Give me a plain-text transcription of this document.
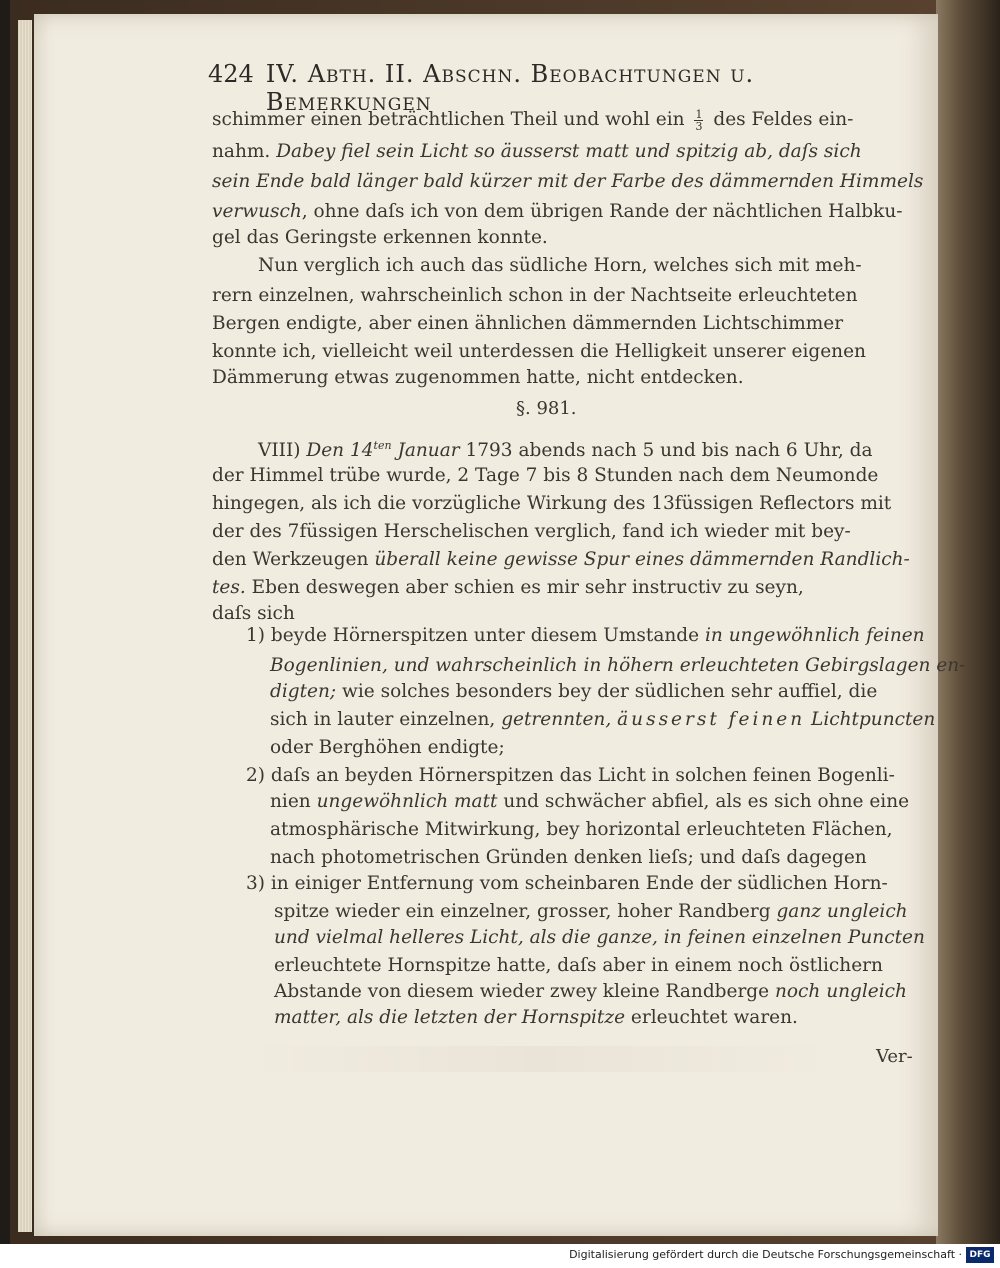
424 IV. Abth. II. Abschn. Beobachtungen u. Bemerkungen
schimmer einen beträchtlichen Theil und wohl ein $\frac{1}{3}$ des Feldes ein-
nahm. Dabey fiel sein Licht so äusserst matt und spitzig ab, daſs sich
sein Ende bald länger bald kürzer mit der Farbe des dämmernden Himmels
verwusch, ohne daſs ich von dem übrigen Rande der nächtlichen Halbku-
gel das Geringste erkennen konnte.
Nun verglich ich auch das südliche Horn, welches sich mit meh-
rern einzelnen, wahrscheinlich schon in der Nachtseite erleuchteten
Bergen endigte, aber einen ähnlichen dämmernden Lichtschimmer
konnte ich, vielleicht weil unterdessen die Helligkeit unserer eigenen
Dämmerung etwas zugenommen hatte, nicht entdecken.
§. 981.
VIII) Den $14^{ten}$ Januar 1793 abends nach 5 und bis nach 6 Uhr, da
der Himmel trübe wurde, 2 Tage 7 bis 8 Stunden nach dem Neumonde
hingegen, als ich die vorzügliche Wirkung des 13füssigen Reflectors mit
der des 7füssigen Herschelischen verglich, fand ich wieder mit bey-
den Werkzeugen überall keine gewisse Spur eines dämmernden Randlich-
tes. Eben deswegen aber schien es mir sehr instructiv zu seyn,
daſs sich
1) beyde Hörnerspitzen unter diesem Umstande in ungewöhnlich feinen
Bogenlinien, und wahrscheinlich in höhern erleuchteten Gebirgslagen en-
digten; wie solches besonders bey der südlichen sehr auffiel, die
sich in lauter einzelnen, getrennten, äusserst feinen Lichtpuncten
oder Berghöhen endigte;
2) daſs an beyden Hörnerspitzen das Licht in solchen feinen Bogenli-
nien ungewöhnlich matt und schwächer abfiel, als es sich ohne eine
atmosphärische Mitwirkung, bey horizontal erleuchteten Flächen,
nach photometrischen Gründen denken lieſs; und daſs dagegen
3) in einiger Entfernung vom scheinbaren Ende der südlichen Horn-
spitze wieder ein einzelner, grosser, hoher Randberg ganz ungleich
und vielmal helleres Licht, als die ganze, in feinen einzelnen Puncten
erleuchtete Hornspitze hatte, daſs aber in einem noch östlichern
Abstande von diesem wieder zwey kleine Randberge noch ungleich
matter, als die letzten der Hornspitze erleuchtet waren.
Ver-
Digitalisierung gefördert durch die Deutsche Forschungsgemeinschaft · DFG
